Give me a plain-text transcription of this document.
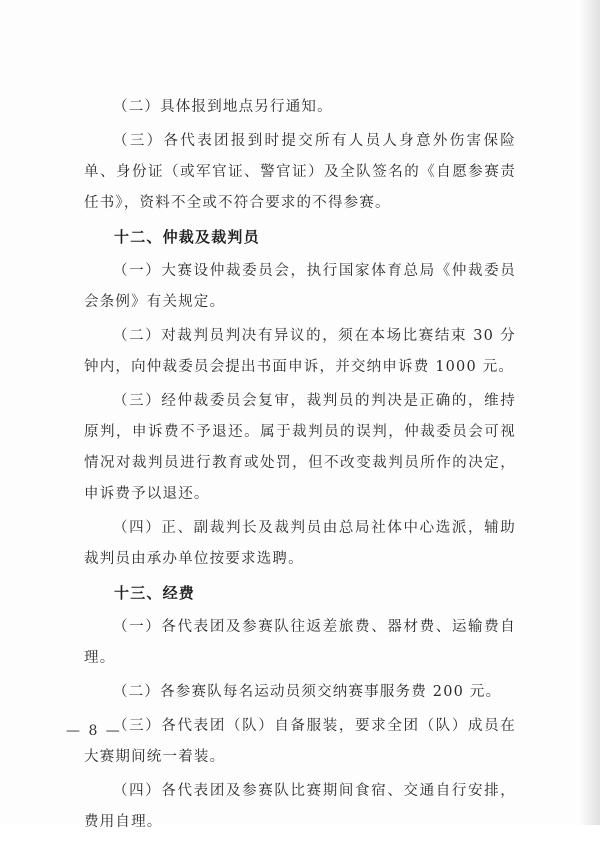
（二）具体报到地点另行通知。

（三）各代表团报到时提交所有人员人身意外伤害保险单、身份证（或军官证、警官证）及全队签名的《自愿参赛责任书》，资料不全或不符合要求的不得参赛。

十二、仲裁及裁判员

（一）大赛设仲裁委员会，执行国家体育总局《仲裁委员会条例》有关规定。

（二）对裁判员判决有异议的，须在本场比赛结束 30 分钟内，向仲裁委员会提出书面申诉，并交纳申诉费 1000 元。

（三）经仲裁委员会复审，裁判员的判决是正确的，维持原判，申诉费不予退还。属于裁判员的误判，仲裁委员会可视情况对裁判员进行教育或处罚，但不改变裁判员所作的决定，申诉费予以退还。

（四）正、副裁判长及裁判员由总局社体中心选派，辅助裁判员由承办单位按要求选聘。

十三、经费

（一）各代表团及参赛队往返差旅费、器材费、运输费自理。

（二）各参赛队每名运动员须交纳赛事服务费 200 元。

（三）各代表团（队）自备服装，要求全团（队）成员在大赛期间统一着装。

（四）各代表团及参赛队比赛期间食宿、交通自行安排，费用自理。

— 8 —
